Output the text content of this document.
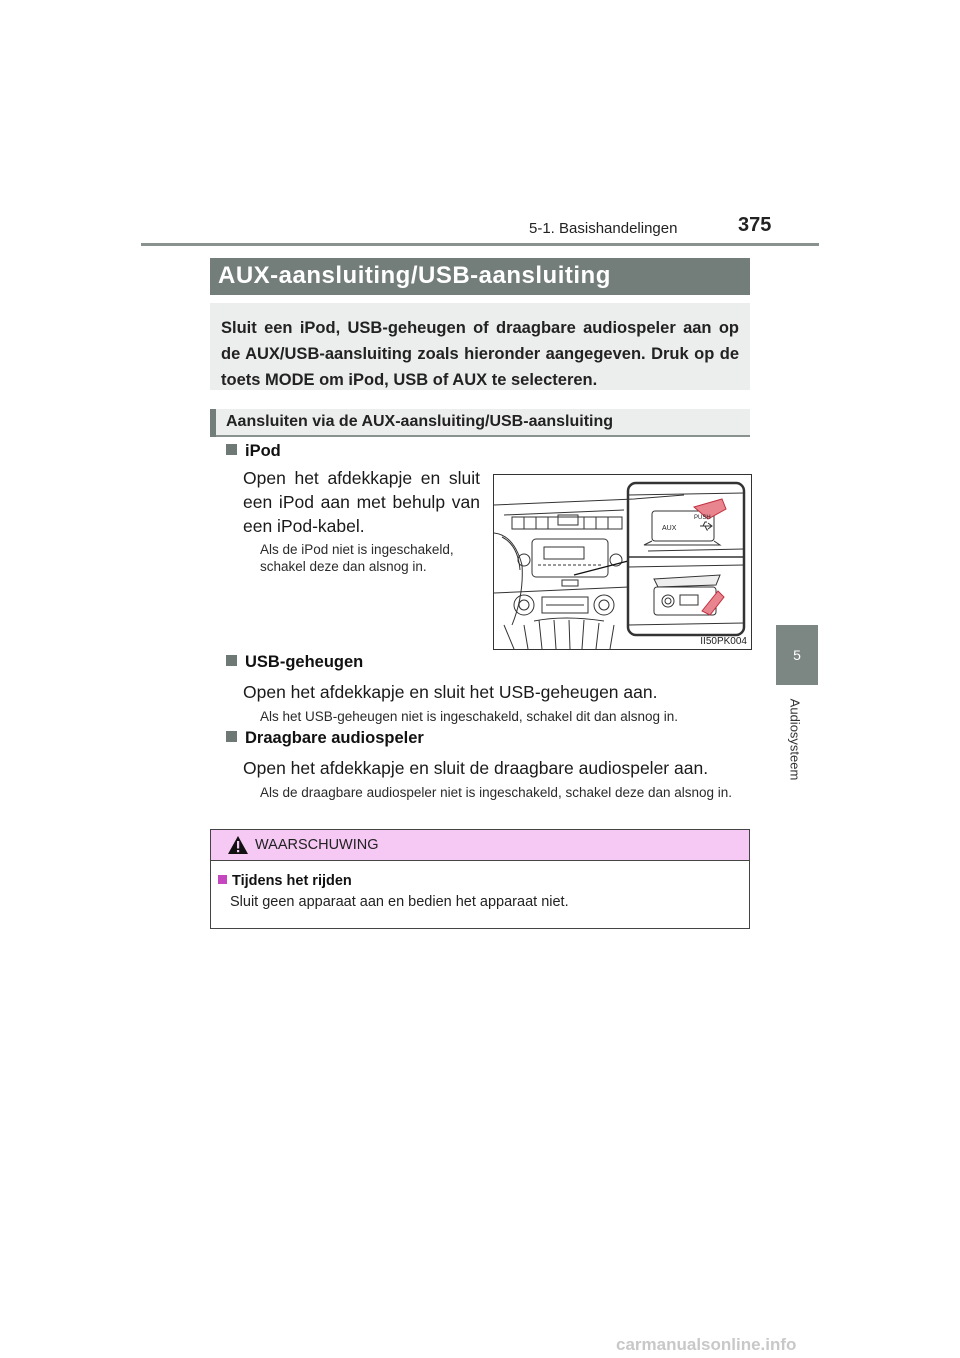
5-1. Basishandelingen	375
5
Audiosysteem
AUX-aansluiting/USB-aansluiting
Sluit een iPod, USB-geheugen of draagbare audiospeler aan op de AUX/USB-aansluiting zoals hieronder aangegeven. Druk op de toets MODE om iPod, USB of AUX te selecteren.
Aansluiten via de AUX-aansluiting/USB-aansluiting
iPod
Open het afdekkapje en sluit een iPod aan met behulp van een iPod-kabel.
Als de iPod niet is ingeschakeld, schakel deze dan alsnog in.
PUSH
AUX
II50PK004
USB-geheugen
Open het afdekkapje en sluit het USB-geheugen aan.
Als het USB-geheugen niet is ingeschakeld, schakel dit dan alsnog in.
Draagbare audiospeler
Open het afdekkapje en sluit de draagbare audiospeler aan.
Als de draagbare audiospeler niet is ingeschakeld, schakel deze dan alsnog in.
WAARSCHUWING
Tijdens het rijden
Sluit geen apparaat aan en bedien het apparaat niet.
carmanualsonline.info
